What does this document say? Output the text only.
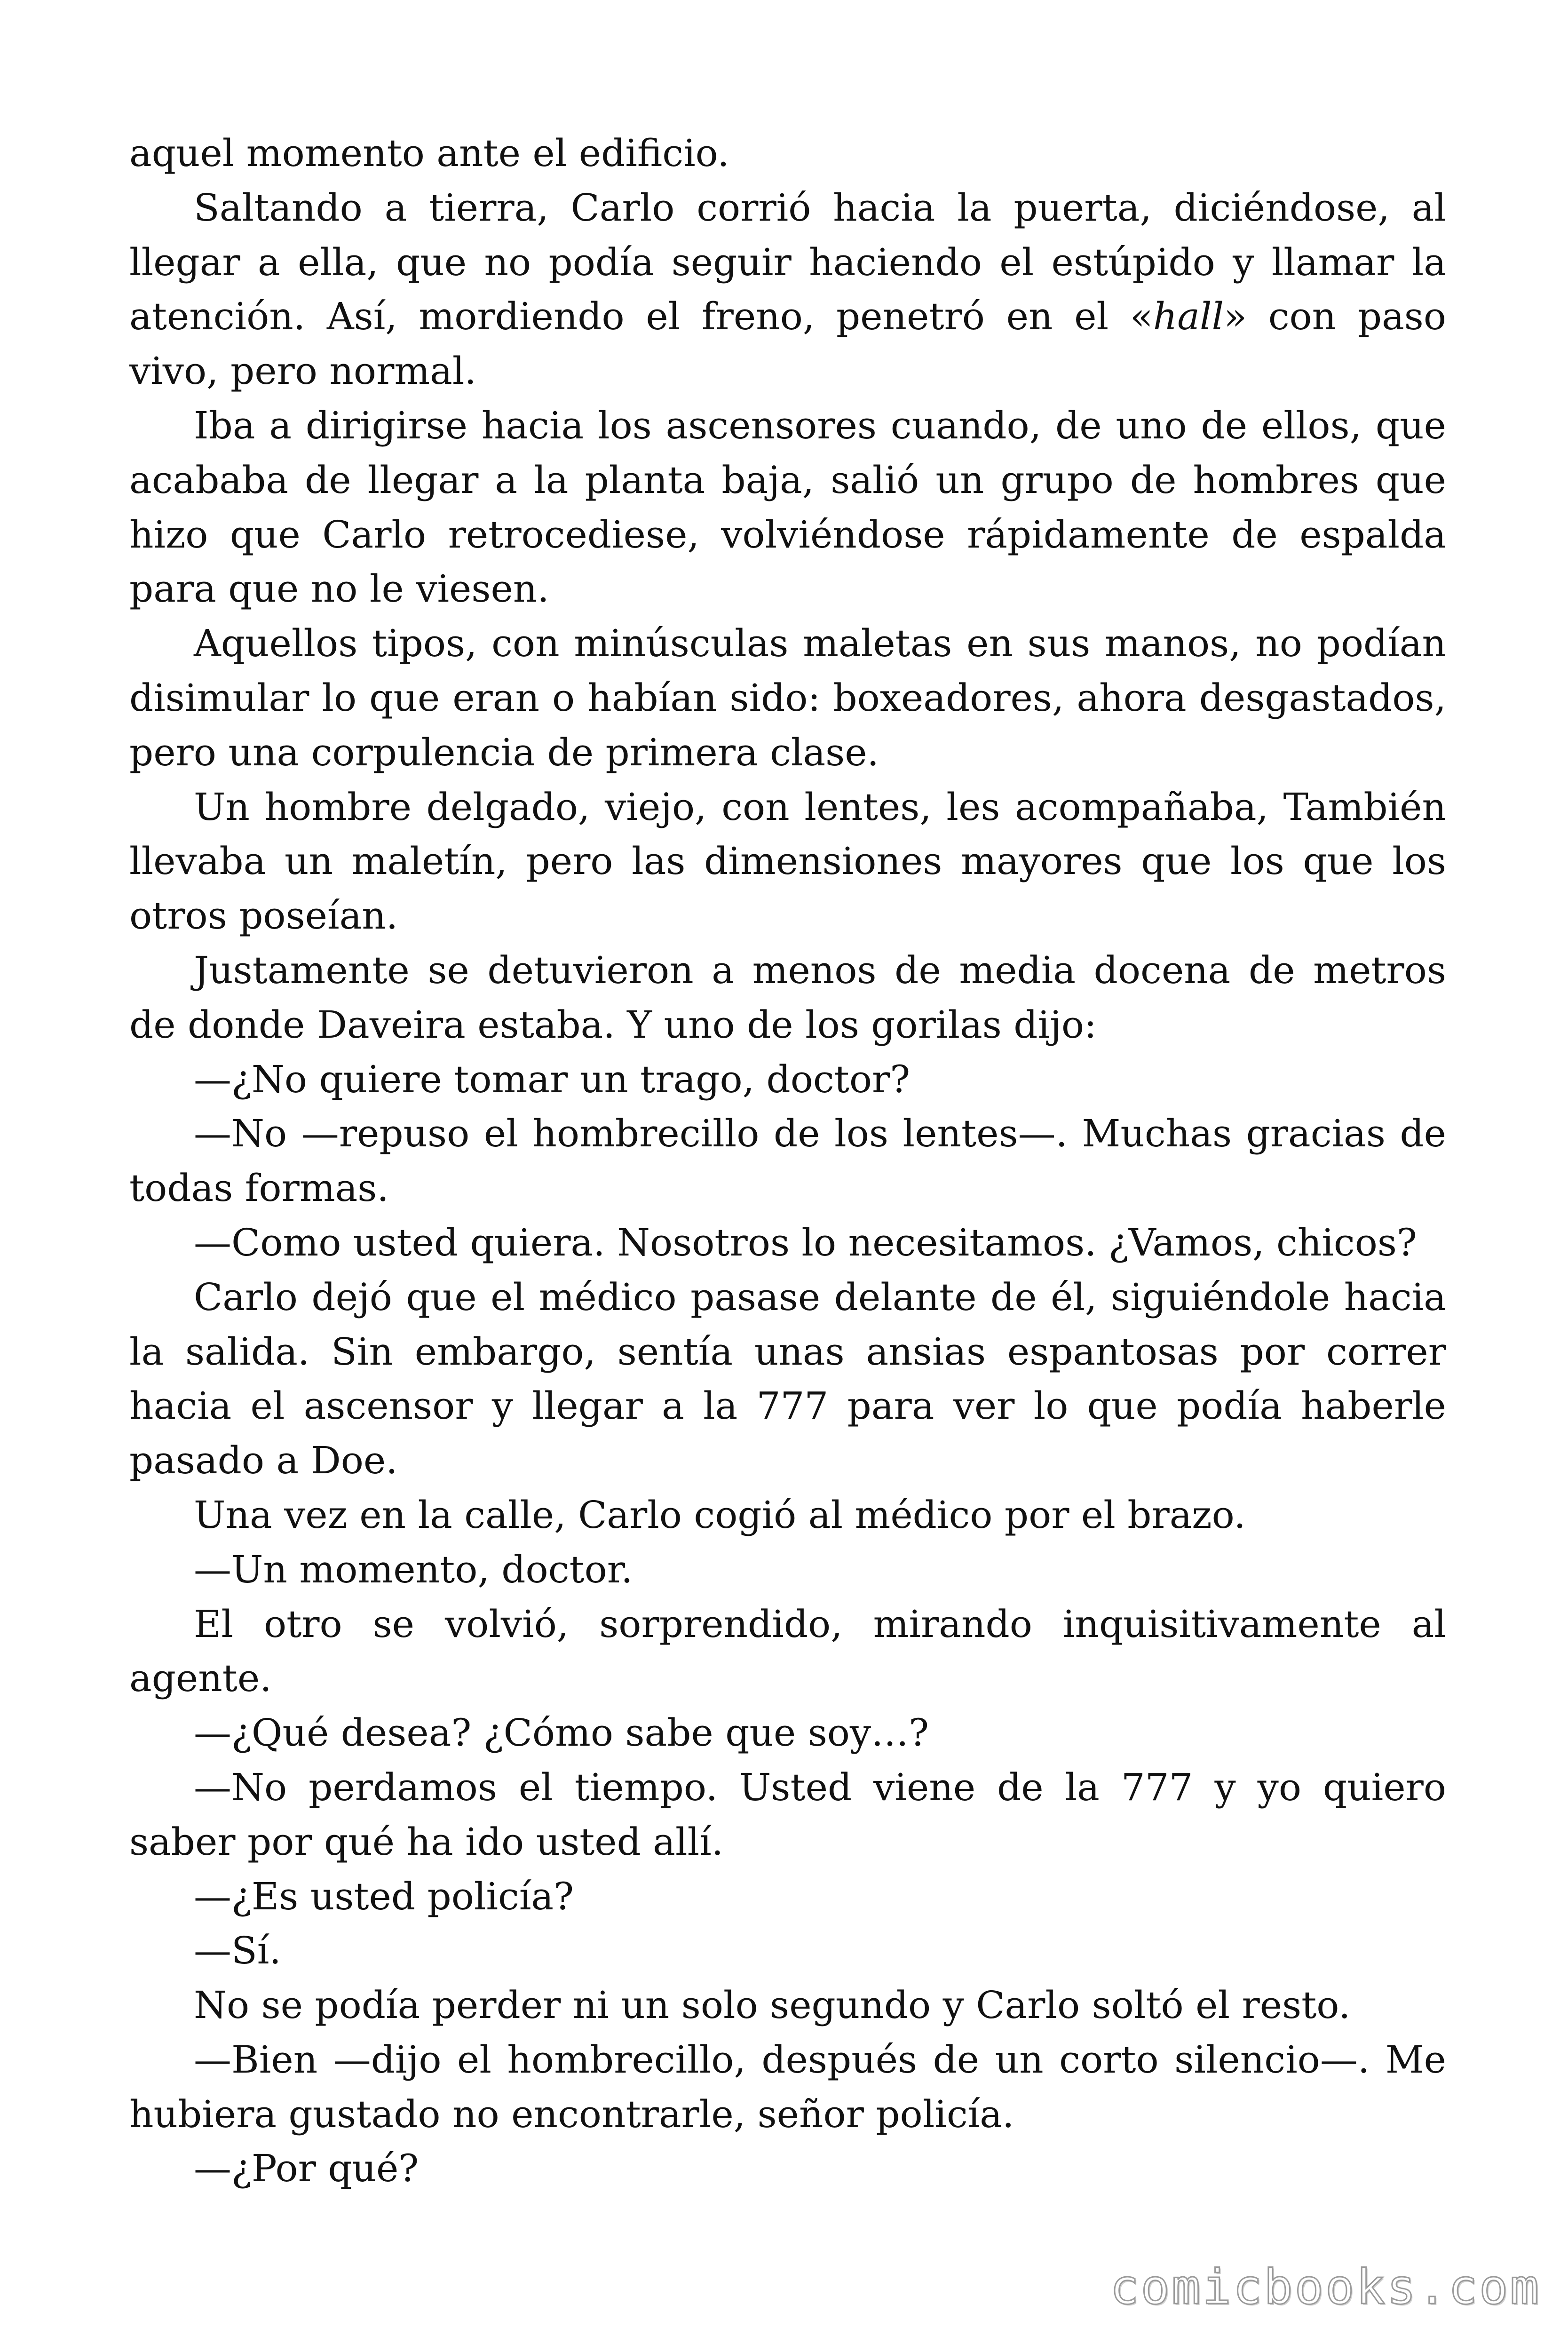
aquel momento ante el edificio.

Saltando a tierra, Carlo corrió hacia la puerta, diciéndose, al llegar a ella, que no podía seguir haciendo el estúpido y llamar la atención. Así, mordiendo el freno, penetró en el «hall» con paso vivo, pero normal.

Iba a dirigirse hacia los ascensores cuando, de uno de ellos, que acababa de llegar a la planta baja, salió un grupo de hombres que hizo que Carlo retrocediese, volviéndose rápidamente de espalda para que no le viesen.

Aquellos tipos, con minúsculas maletas en sus manos, no podían disimular lo que eran o habían sido: boxeadores, ahora desgastados, pero una corpulencia de primera clase.

Un hombre delgado, viejo, con lentes, les acompañaba, También llevaba un maletín, pero las dimensiones mayores que los que los otros poseían.

Justamente se detuvieron a menos de media docena de metros de donde Daveira estaba. Y uno de los gorilas dijo:

—¿No quiere tomar un trago, doctor?

—No —repuso el hombrecillo de los lentes—. Muchas gracias de todas formas.

—Como usted quiera. Nosotros lo necesitamos. ¿Vamos, chicos?

Carlo dejó que el médico pasase delante de él, siguiéndole hacia la salida. Sin embargo, sentía unas ansias espantosas por correr hacia el ascensor y llegar a la 777 para ver lo que podía haberle pasado a Doe.

Una vez en la calle, Carlo cogió al médico por el brazo.

—Un momento, doctor.

El otro se volvió, sorprendido, mirando inquisitivamente al agente.

—¿Qué desea? ¿Cómo sabe que soy…?

—No perdamos el tiempo. Usted viene de la 777 y yo quiero saber por qué ha ido usted allí.

—¿Es usted policía?

—Sí.

No se podía perder ni un solo segundo y Carlo soltó el resto.

—Bien —dijo el hombrecillo, después de un corto silencio—. Me hubiera gustado no encontrarle, señor policía.

—¿Por qué?

comicbooks.com
